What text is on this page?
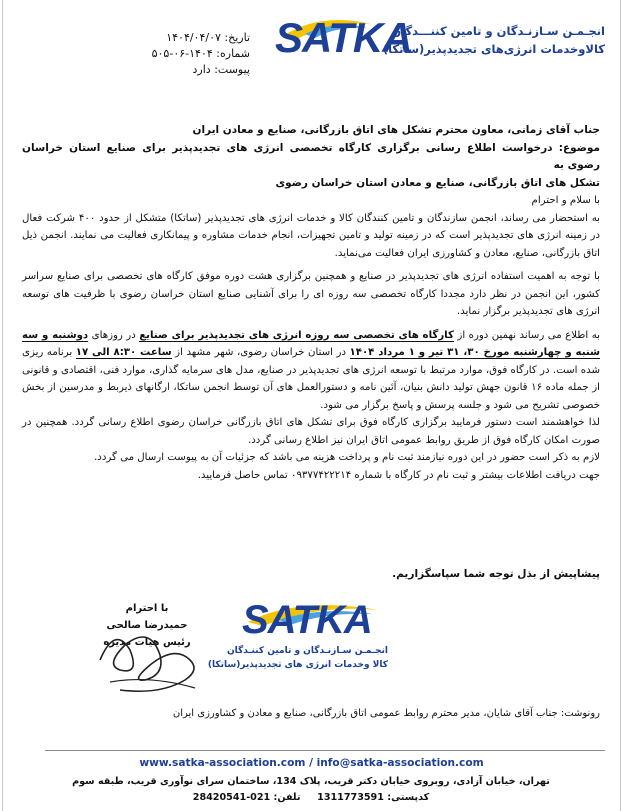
SATKA
انجـمـن سـازنـدگان و تامین کننـــدگان
کالاوخدمات انرژی‌های تجدیدپذیر(ساتکا)
تاریخ: ۱۴۰۴/۰۴/۰۷
شماره: ۱۴۰۴-۰۶-۵۰۵
پیوست: دارد

جناب آقای زمانی، معاون محترم تشکل های اتاق بازرگانی، صنایع و معادن ایران

موضوع: درخواست اطلاع رسانی برگزاری کارگاه تخصصی انرژی های تجدیدپذیر برای صنایع استان خراسان رضوی به

تشکل های اتاق بازرگانی، صنایع و معادن استان خراسان رضوی

با سلام و احترام

به استحضار می رساند، انجمن سازندگان و تامین کنندگان کالا و خدمات انرژی های تجدیدپذیر (ساتکا) متشکل از حدود ۴۰۰ شرکت فعال در زمینه انرژی های تجدیدپذیر است که در زمینه تولید و تامین تجهیزات، انجام خدمات مشاوره و پیمانکاری فعالیت می نمایند. انجمن ذیل اتاق بازرگانی، صنایع، معادن و کشاورزی ایران فعالیت می‌نماید.

با توجه به اهمیت استفاده انرژی های تجدیدپذیر در صنایع و همچنین برگزاری هشت دوره موفق کارگاه های تخصصی برای صنایع سراسر کشور، این انجمن در نظر دارد مجددا کارگاه تخصصی سه روزه ای را برای آشنایی صنایع استان خراسان رضوی با ظرفیت های توسعه انرژی های تجدیدپذیر برگزار نماید.

به اطلاع می رساند نهمین دوره از کارگاه های تخصصی سه روزه انرژی های تجدیدپذیر برای صنایع در روزهای دوشنبه و سه شنبه و چهارشنبه مورخ ۳۰، ۳۱ تیر و ۱ مرداد ۱۴۰۴ در استان خراسان رضوی، شهر مشهد از ساعت ۸:۳۰ الی ۱۷ برنامه ریزی شده است. در کارگاه فوق، موارد مرتبط با توسعه انرژی های تجدیدپذیر در صنایع، مدل های سرمایه گذاری، موارد فنی، اقتصادی و قانونی از جمله ماده ۱۶ قانون جهش تولید دانش بنیان، آئین نامه و دستورالعمل های آن توسط انجمن ساتکا، ارگانهای ذیربط و مدرسین از بخش خصوصی تشریح می شود و جلسه پرسش و پاسخ برگزار می شود.

لذا خواهشمند است دستور فرمایید برگزاری کارگاه فوق برای تشکل های اتاق بازرگانی خراسان رضوی اطلاع رسانی گردد. همچنین در صورت امکان کارگاه فوق از طریق روابط عمومی اتاق ایران نیز اطلاع رسانی گردد.

لازم به ذکر است حضور در این دوره نیازمند ثبت نام و پرداخت هزینه می باشد که جزئیات آن به پیوست ارسال می گردد.

جهت دریافت اطلاعات بیشتر و ثبت نام در کارگاه با شماره ۰۹۳۷۷۴۲۲۲۱۴ تماس حاصل فرمایید.

پیشاپیش از بذل توجه شما سپاسگزاریم.
با احترام
حمیدرضا صالحی
رئیس هیات مدیره
SATKA
انجـمـن سـازنـدگان و تامین کننـدگان
کالا وخدمات انرژی های تجدیدپذیر(ساتکا)
رونوشت: جناب آقای شایان، مدیر محترم روابط عمومی اتاق بازرگانی، صنایع و معادن و کشاورزی ایران
www.satka-association.com / info@satka-association.com
تهران، خیابان آزادی، روبروی خیابان دکتر قریب، پلاک 134، ساختمان سرای نوآوری قریب، طبقه سوم
کدپستی: 1311773591     تلفن: 021-28420541
